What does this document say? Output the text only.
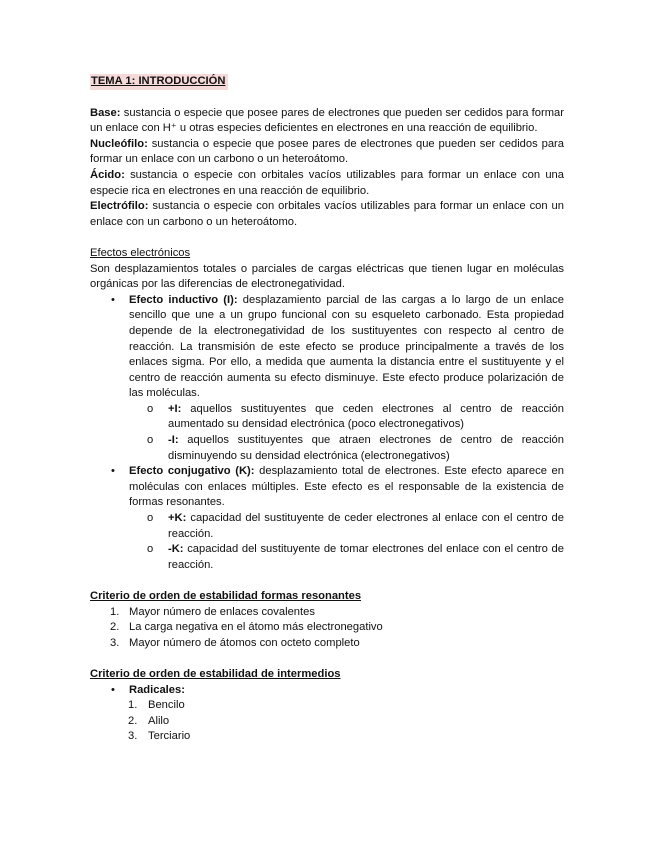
TEMA 1: INTRODUCCIÓN

Base: sustancia o especie que posee pares de electrones que pueden ser cedidos para formar un enlace con H⁺ u otras especies deficientes en electrones en una reacción de equilibrio.

Nucleófilo: sustancia o especie que posee pares de electrones que pueden ser cedidos para formar un enlace con un carbono o un heteroátomo.

Ácido: sustancia o especie con orbitales vacíos utilizables para formar un enlace con una especie rica en electrones en una reacción de equilibrio.

Electrófilo: sustancia o especie con orbitales vacíos utilizables para formar un enlace con un enlace con un carbono o un heteroátomo.

Efectos electrónicos

Son desplazamientos totales o parciales de cargas eléctricas que tienen lugar en moléculas orgánicas por las diferencias de electronegatividad.

• Efecto inductivo (I): desplazamiento parcial de las cargas a lo largo de un enlace sencillo que une a un grupo funcional con su esqueleto carbonado. Esta propiedad depende de la electronegatividad de los sustituyentes con respecto al centro de reacción. La transmisión de este efecto se produce principalmente a través de los enlaces sigma. Por ello, a medida que aumenta la distancia entre el sustituyente y el centro de reacción aumenta su efecto disminuye. Este efecto produce polarización de las moléculas.
o +I: aquellos sustituyentes que ceden electrones al centro de reacción aumentado su densidad electrónica (poco electronegativos)
o -I: aquellos sustituyentes que atraen electrones de centro de reacción disminuyendo su densidad electrónica (electronegativos)
• Efecto conjugativo (K): desplazamiento total de electrones. Este efecto aparece en moléculas con enlaces múltiples. Este efecto es el responsable de la existencia de formas resonantes.
o +K: capacidad del sustituyente de ceder electrones al enlace con el centro de reacción.
o -K: capacidad del sustituyente de tomar electrones del enlace con el centro de reacción.

Criterio de orden de estabilidad formas resonantes

1. Mayor número de enlaces covalentes
2. La carga negativa en el átomo más electronegativo
3. Mayor número de átomos con octeto completo

Criterio de orden de estabilidad de intermedios

• Radicales:
1. Bencilo
2. Alilo
3. Terciario
